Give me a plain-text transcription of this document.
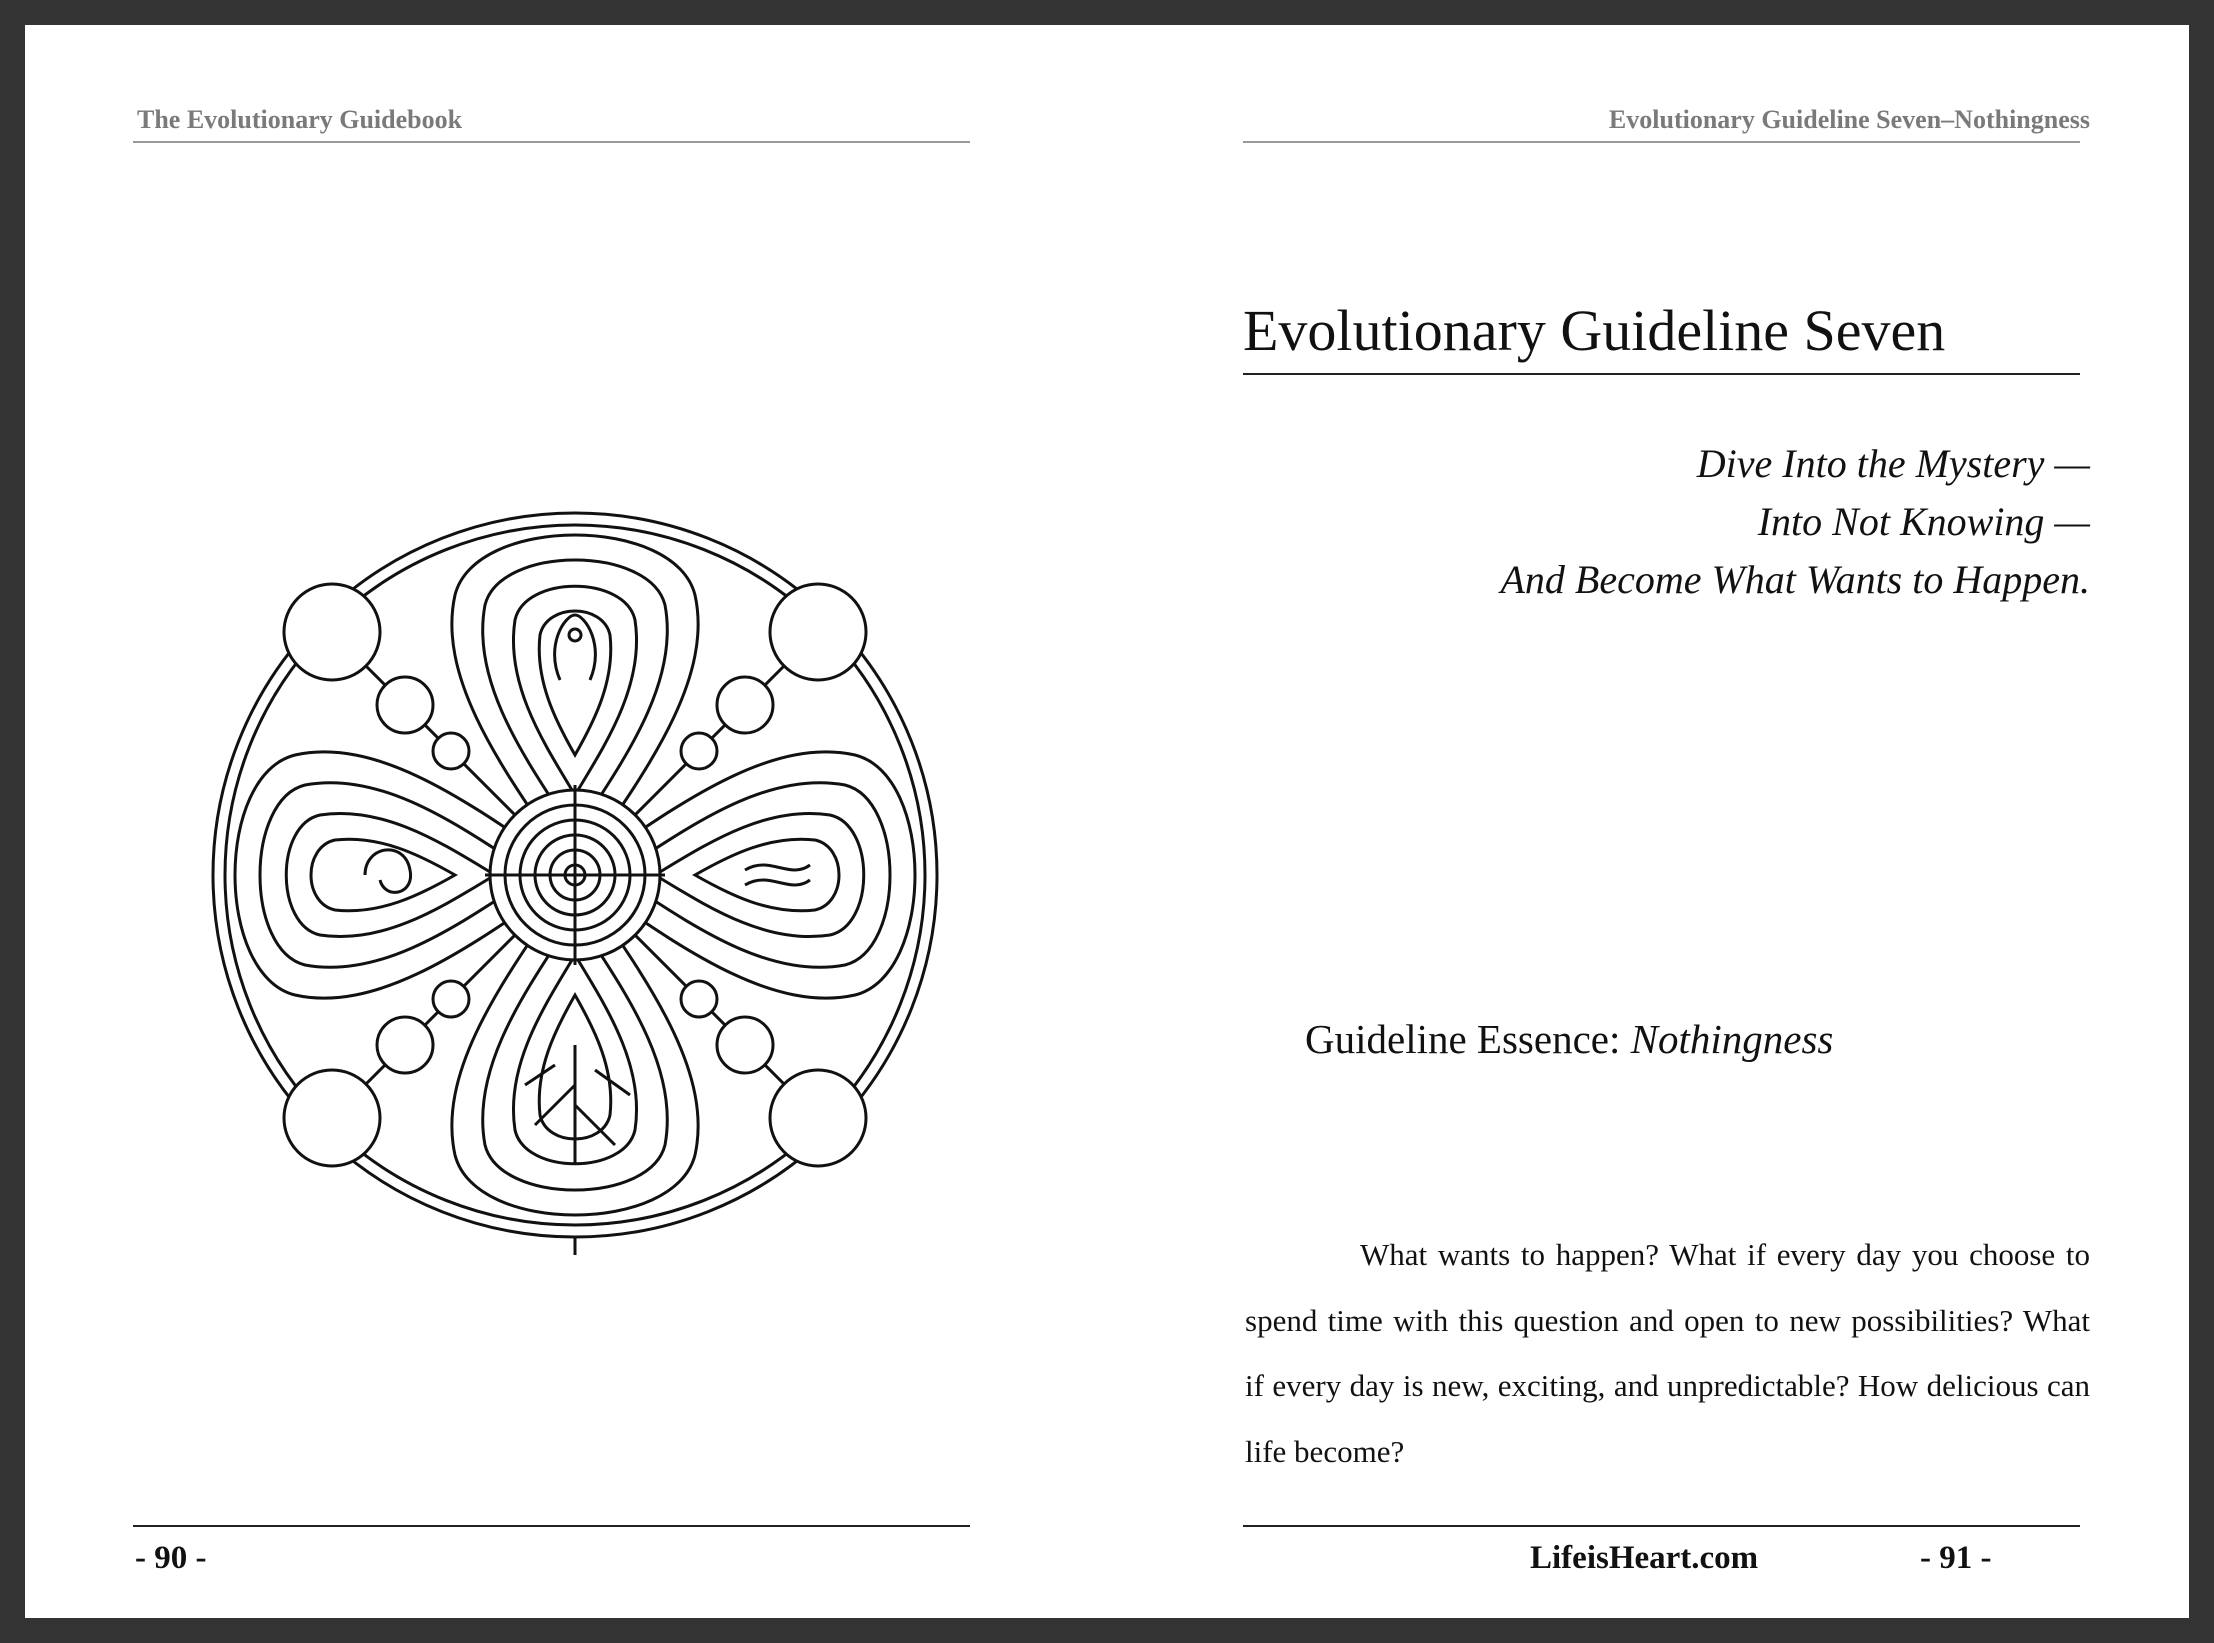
The Evolutionary Guidebook
- 90 -
Evolutionary Guideline Seven–Nothingness
Evolutionary Guideline Seven
Dive Into the Mystery —
Into Not Knowing —
And Become What Wants to Happen.
Guideline Essence: Nothingness
What wants to happen? What if every day you choose to spend time with this question and open to new possibilities? What if every day is new, exciting, and unpredictable? How delicious can life become?
LifeisHeart.com	- 91 -
